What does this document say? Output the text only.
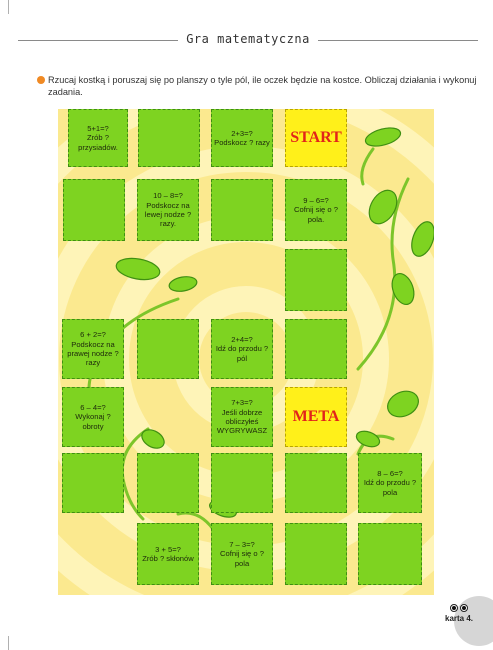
Gra matematyczna
Rzucaj kostką i poruszaj się po planszy o tyle pól, ile oczek będzie na kostce. Obliczaj działania i wykonuj zadania.
5+1=?
Zrób ? przysiadów.
2+3=?
Podskocz ? razy START
10 – 8=?
Podskocz na lewej nodze ? razy.
9 – 6=?
Cofnij się o ? pola.
6 + 2=?
Podskocz na prawej nodze ? razy
2+4=?
Idź do przodu ? pól
6 – 4=?
Wykonaj ? obroty
7+3=?
Jeśli dobrze obliczyłeś WYGRYWASZ
META
8 – 6=?
Idź do przodu ? pola
3 + 5=?
Zrób ? skłonów
7 – 3=?
Cofnij się o ? pola
karta 4.
